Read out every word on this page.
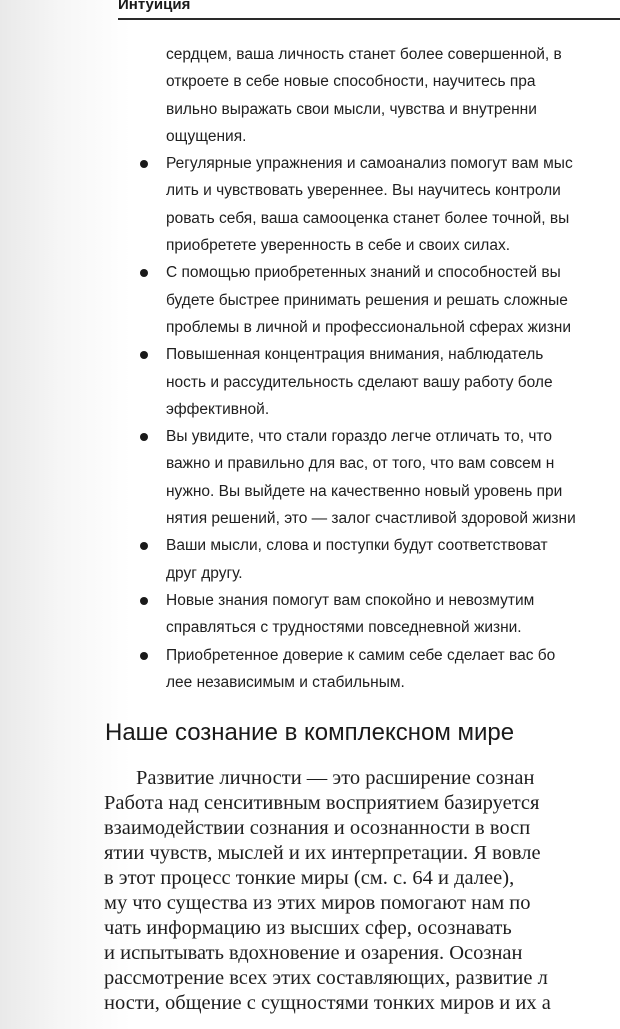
Интуиция
сердцем, ваша личность станет более совершенной, в
откроете в себе новые способности, научитесь пра
вильно выражать свои мысли, чувства и внутренни
ощущения.
Регулярные упражнения и самоанализ помогут вам мыс
лить и чувствовать увереннее. Вы научитесь контроли
ровать себя, ваша самооценка станет более точной, вы
приобретете уверенность в себе и своих силах.
С помощью приобретенных знаний и способностей вы
будете быстрее принимать решения и решать сложные
проблемы в личной и профессиональной сферах жизни
Повышенная концентрация внимания, наблюдатель
ность и рассудительность сделают вашу работу боле
эффективной.
Вы увидите, что стали гораздо легче отличать то, что
важно и правильно для вас, от того, что вам совсем н
нужно. Вы выйдете на качественно новый уровень при
нятия решений, это — залог счастливой здоровой жизни
Ваши мысли, слова и поступки будут соответствоват
друг другу.
Новые знания помогут вам спокойно и невозмутим
справляться с трудностями повседневной жизни.
Приобретенное доверие к самим себе сделает вас бо
лее независимым и стабильным.
Наше сознание в комплексном мире
Развитие личности — это расширение сознан
Работа над сенситивным восприятием базируется
взаимодействии сознания и осознанности в восп
ятии чувств, мыслей и их интерпретации. Я вовле
в этот процесс тонкие миры (см. с. 64 и далее),
му что существа из этих миров помогают нам по
чать информацию из высших сфер, осознавать
и испытывать вдохновение и озарения. Осознан
рассмотрение всех этих составляющих, развитие л
ности, общение с сущностями тонких миров и их а
